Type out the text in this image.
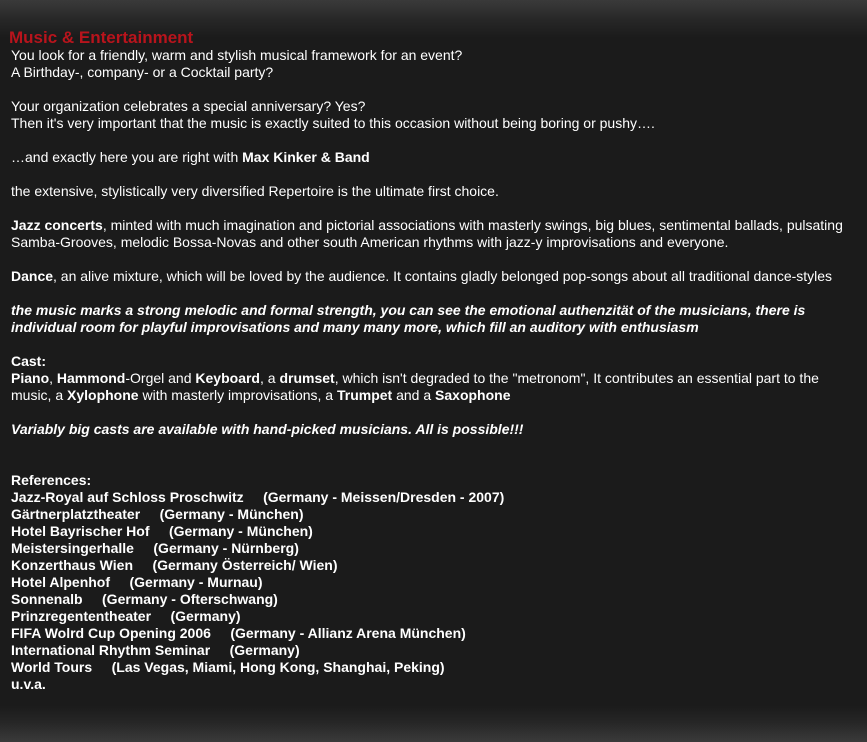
Music & Entertainment

You look for a friendly, warm and stylish musical framework for an event?

A Birthday-, company- or a Cocktail party?

Your organization celebrates a special anniversary? Yes?

Then it's very important that the music is exactly suited to this occasion without being boring or pushy….

…and exactly here you are right with Max Kinker & Band

the extensive, stylistically very diversified Repertoire is the ultimate first choice.

Jazz concerts, minted with much imagination and pictorial associations with masterly swings, big blues, sentimental ballads, pulsating Samba-Grooves, melodic Bossa-Novas and other south American rhythms with jazz-y improvisations and everyone.

Dance, an alive mixture, which will be loved by the audience. It contains gladly belonged pop-songs about all traditional dance-styles

the music marks a strong melodic and formal strength, you can see the emotional authenzität of the musicians, there is individual room for playful improvisations and many many more, which fill an auditory with enthusiasm

Cast:

Piano, Hammond-Orgel and Keyboard, a drumset, which isn't degraded to the "metronom", It contributes an essential part to the music, a Xylophone with masterly improvisations, a Trumpet and a Saxophone

Variably big casts are available with hand-picked musicians. All is possible!!!

References:

Jazz-Royal auf Schloss Proschwitz (Germany - Meissen/Dresden - 2007)

Gärtnerplatztheater (Germany - München)

Hotel Bayrischer Hof (Germany - München)

Meistersingerhalle (Germany - Nürnberg)

Konzerthaus Wien (Germany Österreich/ Wien)

Hotel Alpenhof (Germany - Murnau)

Sonnenalb (Germany - Ofterschwang)

Prinzregententheater (Germany)

FIFA Wolrd Cup Opening 2006 (Germany - Allianz Arena München)

International Rhythm Seminar (Germany)

World Tours (Las Vegas, Miami, Hong Kong, Shanghai, Peking)

u.v.a.
